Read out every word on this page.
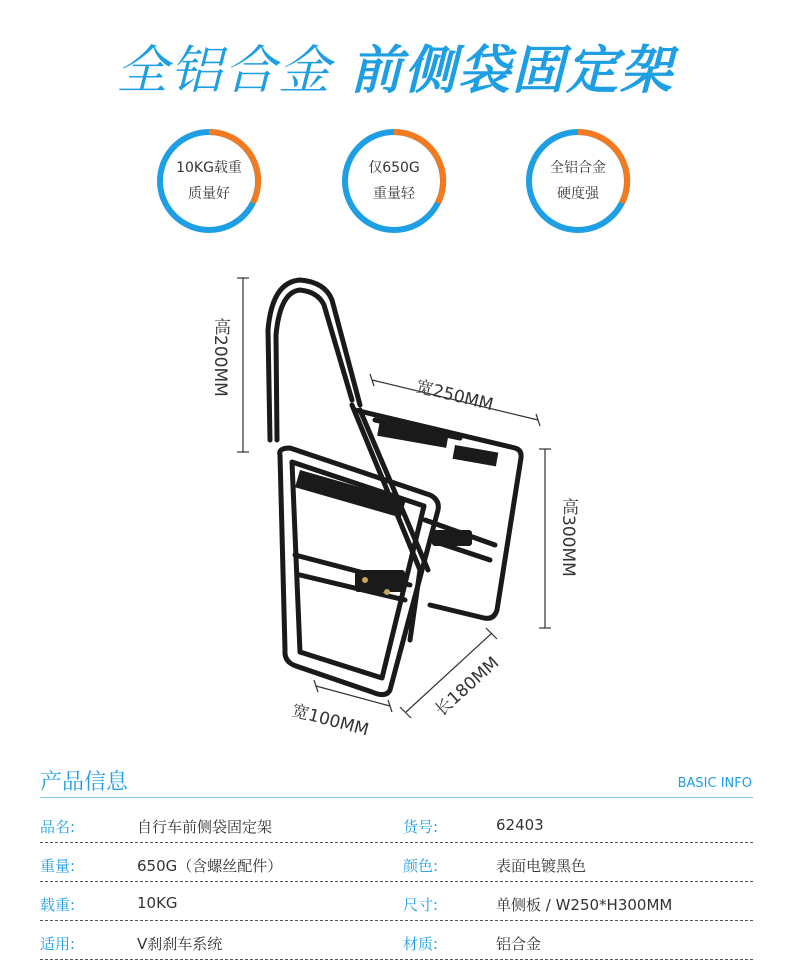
全铝合金 前侧袋固定架
10KG载重
质量好
仅650G
重量轻
全铝合金
硬度强
高200MM	宽250MM
高300MM
长180MM
宽100MM
产品信息	BASIC INFO
品名:	自行车前侧袋固定架	货号:	62403
重量:	650G（含螺丝配件）	颜色:	表面电镀黑色
载重:	10KG	尺寸:	单侧板 / W250*H300MM
适用:	V刹刹车系统	材质:	铝合金
